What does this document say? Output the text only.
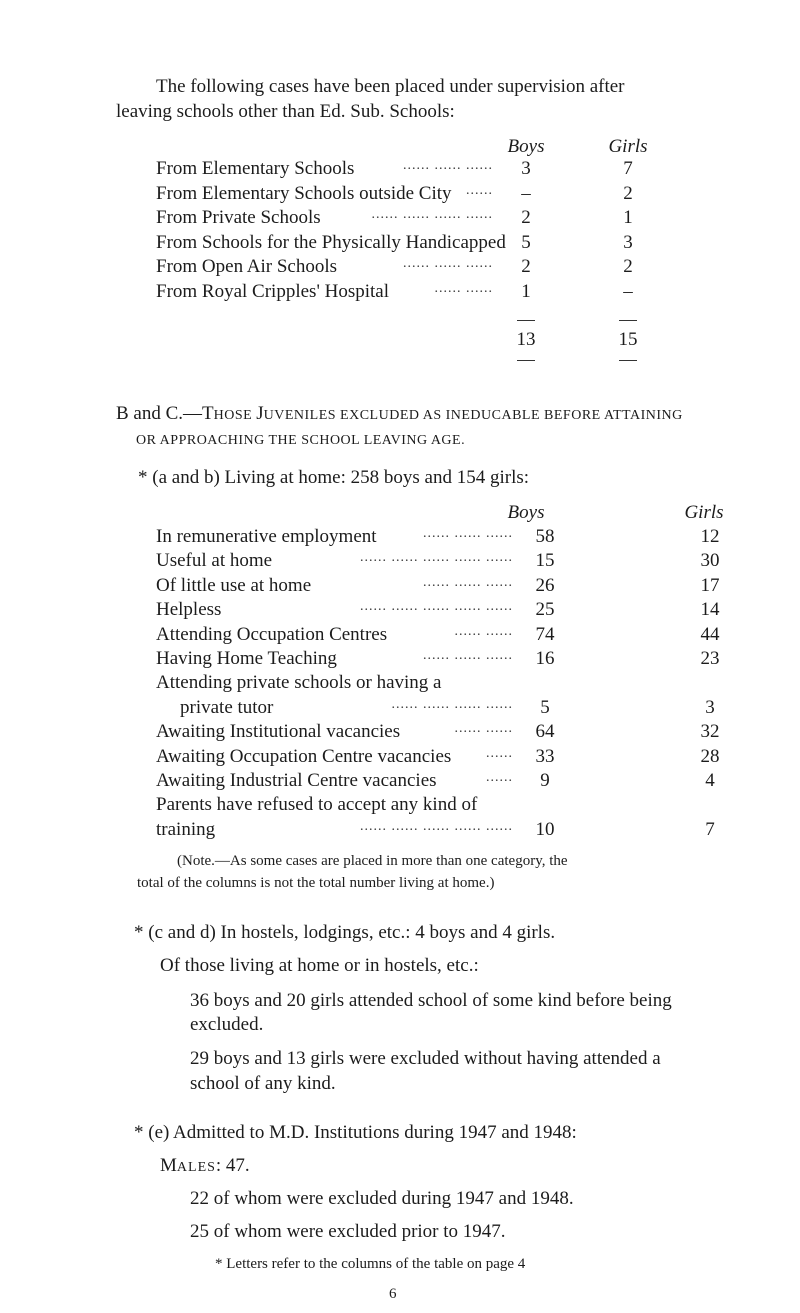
The following cases have been placed under supervision after
leaving schools other than Ed. Sub. Schools:
Boys	Girls
From Elementary Schools	...... ...... ......	3	7
From Elementary Schools outside City ......	–	2
From Private Schools	...... ...... ...... ......	2	1
From Schools for the Physically Handicapped 5	3
From Open Air Schools	...... ...... ......	2	2
From Royal Cripples' Hospital	...... ......	1	–
13	15
B and C.—THOSE JUVENILES EXCLUDED AS INEDUCABLE BEFORE ATTAINING
OR APPROACHING THE SCHOOL LEAVING AGE.
* (a and b) Living at home: 258 boys and 154 girls:
Boys	Girls
In remunerative employment	...... ...... ......	58	12
Useful at home	...... ...... ...... ...... ......	15	30
Of little use at home	...... ...... ......	26	17
Helpless	...... ...... ...... ...... ......	25	14
Attending Occupation Centres	...... ......	74	44
Having Home Teaching	...... ...... ......	16	23
Attending private schools or having a
private tutor	...... ...... ...... ......	5	3
Awaiting Institutional vacancies	...... ......	64	32
Awaiting Occupation Centre vacancies ......	33	28
Awaiting Industrial Centre vacancies	......	9	4
Parents have refused to accept any kind of
training	...... ...... ...... ...... ......	10	7
(Note.—As some cases are placed in more than one category, the
total of the columns is not the total number living at home.)
* (c and d) In hostels, lodgings, etc.: 4 boys and 4 girls.
Of those living at home or in hostels, etc.:
36 boys and 20 girls attended school of some kind before being
excluded.
29 boys and 13 girls were excluded without having attended a
school of any kind.
* (e) Admitted to M.D. Institutions during 1947 and 1948:
MALES: 47.
22 of whom were excluded during 1947 and 1948.
25 of whom were excluded prior to 1947.
* Letters refer to the columns of the table on page 4
6
